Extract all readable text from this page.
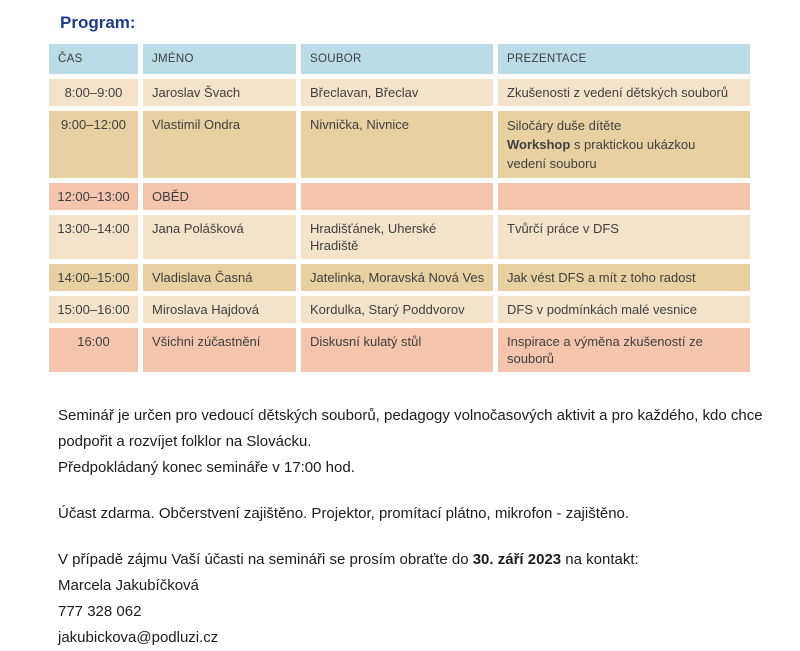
Program:
ČAS	JMÉNO	SOUBOR	PREZENTACE
8:00–9:00	Jaroslav Švach	Břeclavan, Břeclav	Zkušenosti z vedení dětských souborů
9:00–12:00	Vlastimil Ondra	Nivnička, Nivnice	Siločáry duše dítěte
Workshop s praktickou ukázkou
vedení souboru

12:00–13:00	OBĚD		
13:00–14:00	Jana Polášková	Hradišťánek, Uherské Hradiště	Tvůrčí práce v DFS
14:00–15:00	Vladislava Časná	Jatelinka, Moravská Nová Ves	Jak vést DFS a mít z toho radost
15:00–16:00	Miroslava Hajdová	Kordulka, Starý Poddvorov	DFS v podmínkách malé vesnice
16:00	Všichni zúčastnění	Diskusní kulatý stůl	Inspirace a výměna zkušeností ze souborů

Seminář je určen pro vedoucí dětských souborů, pedagogy volnočasových aktivit a pro každého, kdo chce
podpořit a rozvíjet folklor na Slovácku.
Předpokládaný konec semináře v 17:00 hod.

Účast zdarma. Občerstvení zajištěno. Projektor, promítací plátno, mikrofon - zajištěno.

V případě zájmu Vaší účasti na semináři se prosím obraťte do 30. září 2023 na kontakt:
Marcela Jakubíčková
777 328 062
jakubickova@podluzi.cz
